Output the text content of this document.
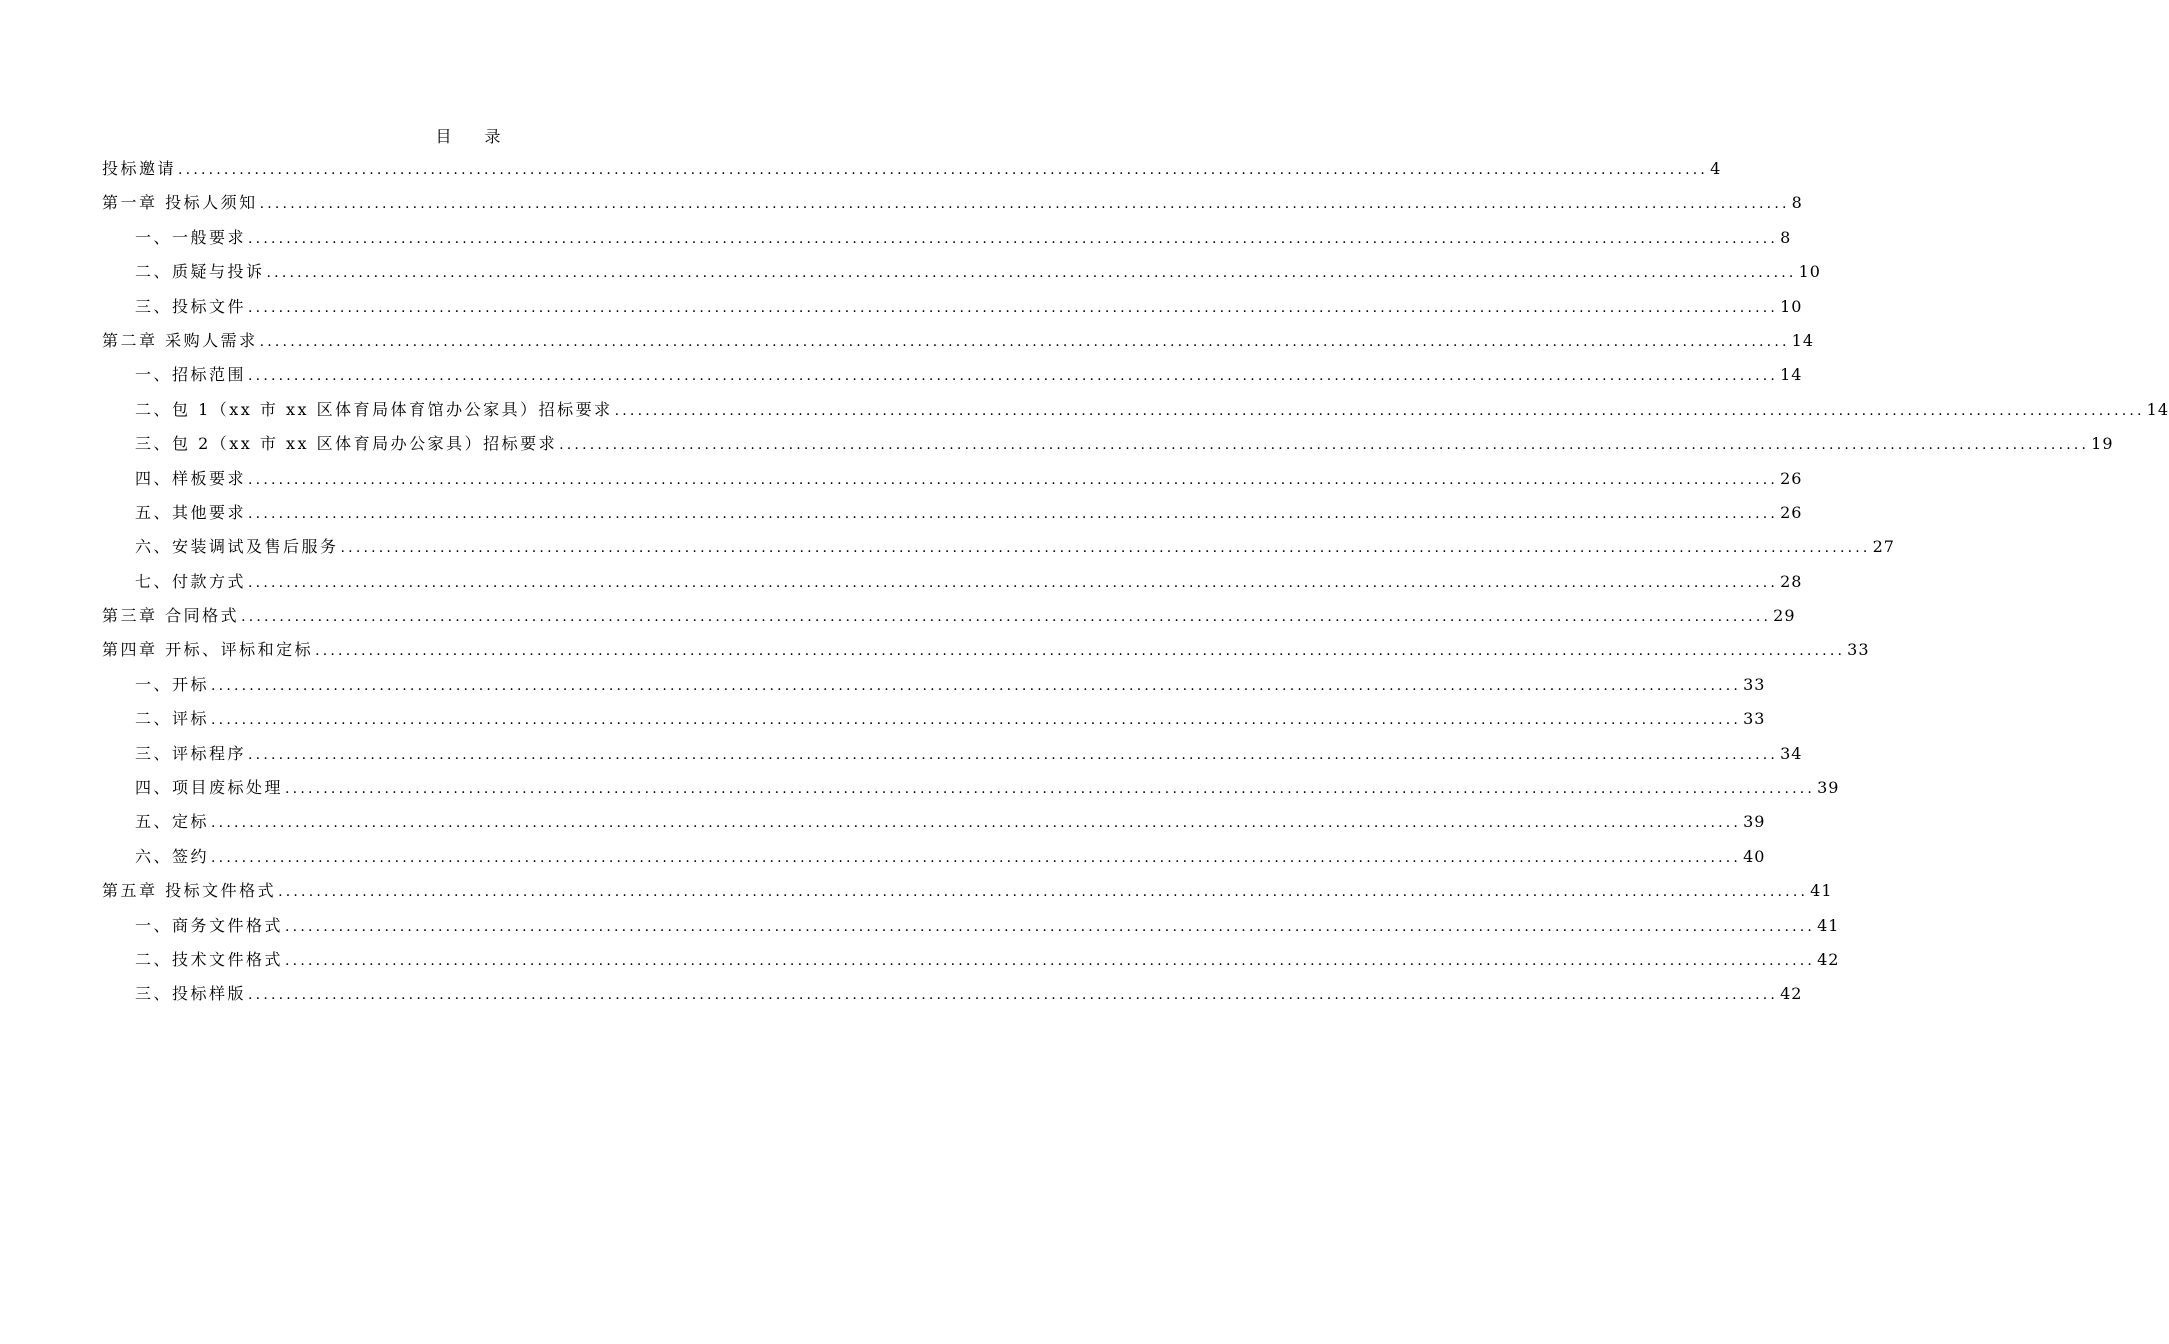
目 录
投标邀请 ........................................................................................................................................................................................................ 4
第一章 投标人须知 ........................................................................................................................................................................................................ 8
一、一般要求 ........................................................................................................................................................................................................ 8
二、质疑与投诉 ........................................................................................................................................................................................................ 10
三、投标文件 ........................................................................................................................................................................................................ 10
第二章 采购人需求 ........................................................................................................................................................................................................ 14
一、招标范围 ........................................................................................................................................................................................................ 14
二、包 1（xx 市 xx 区体育局体育馆办公家具）招标要求 ........................................................................................................................................................................................................ 14
三、包 2（xx 市 xx 区体育局办公家具）招标要求 ........................................................................................................................................................................................................ 19
四、样板要求 ........................................................................................................................................................................................................ 26
五、其他要求 ........................................................................................................................................................................................................ 26
六、安装调试及售后服务 ........................................................................................................................................................................................................ 27
七、付款方式 ........................................................................................................................................................................................................ 28
第三章 合同格式 ........................................................................................................................................................................................................ 29
第四章 开标、评标和定标 ........................................................................................................................................................................................................ 33
一、开标 ........................................................................................................................................................................................................ 33
二、评标 ........................................................................................................................................................................................................ 33
三、评标程序 ........................................................................................................................................................................................................ 34
四、项目废标处理 ........................................................................................................................................................................................................ 39
五、定标 ........................................................................................................................................................................................................ 39
六、签约 ........................................................................................................................................................................................................ 40
第五章 投标文件格式 ........................................................................................................................................................................................................ 41
一、商务文件格式 ........................................................................................................................................................................................................ 41
二、技术文件格式 ........................................................................................................................................................................................................ 42
三、投标样版 ........................................................................................................................................................................................................ 42
